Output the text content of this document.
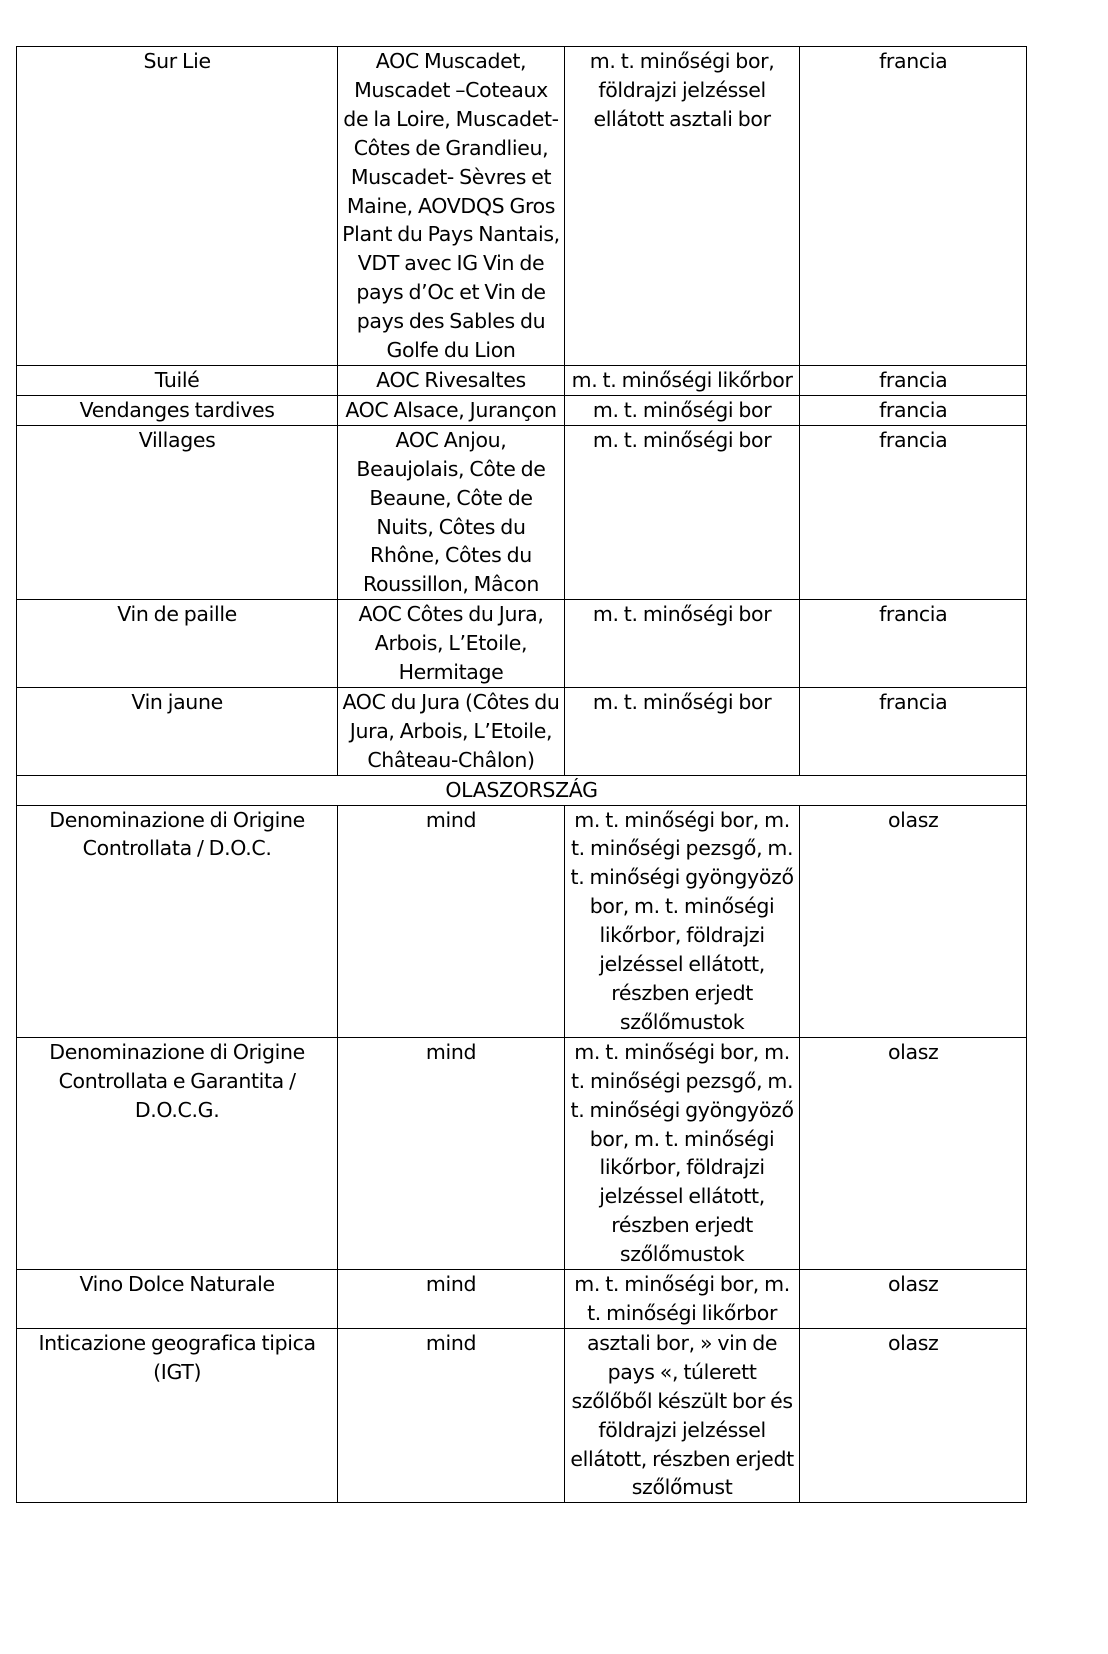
Sur Lie	AOC Muscadet, Muscadet –Coteaux de la Loire, Muscadet-Côtes de Grandlieu, Muscadet- Sèvres et Maine, AOVDQS Gros Plant du Pays Nantais, VDT avec IG Vin de pays d’Oc et Vin de pays des Sables du Golfe du Lion	m. t. minőségi bor, földrajzi jelzéssel ellátott asztali bor	francia
Tuilé	AOC Rivesaltes	m. t. minőségi likőrbor	francia
Vendanges tardives	AOC Alsace, Jurançon	m. t. minőségi bor	francia
Villages	AOC Anjou, Beaujolais, Côte de Beaune, Côte de Nuits, Côtes du Rhône, Côtes du Roussillon, Mâcon	m. t. minőségi bor	francia
Vin de paille	AOC Côtes du Jura, Arbois, L’Etoile, Hermitage	m. t. minőségi bor	francia
Vin jaune	AOC du Jura (Côtes du Jura, Arbois, L’Etoile, Château-Châlon)	m. t. minőségi bor	francia
OLASZORSZÁG			
Denominazione di Origine Controllata / D.O.C.	mind	m. t. minőségi bor, m. t. minőségi pezsgő, m. t. minőségi gyöngyöző bor, m. t. minőségi likőrbor, földrajzi jelzéssel ellátott, részben erjedt szőlőmustok	olasz
Denominazione di Origine Controllata e Garantita / D.O.C.G.	mind	m. t. minőségi bor, m. t. minőségi pezsgő, m. t. minőségi gyöngyöző bor, m. t. minőségi likőrbor, földrajzi jelzéssel ellátott, részben erjedt szőlőmustok	olasz
Vino Dolce Naturale	mind	m. t. minőségi bor, m. t. minőségi likőrbor	olasz
Inticazione geografica tipica (IGT)	mind	asztali bor, » vin de pays «, túlerett szőlőből készült bor és földrajzi jelzéssel ellátott, részben erjedt szőlőmust	olasz
